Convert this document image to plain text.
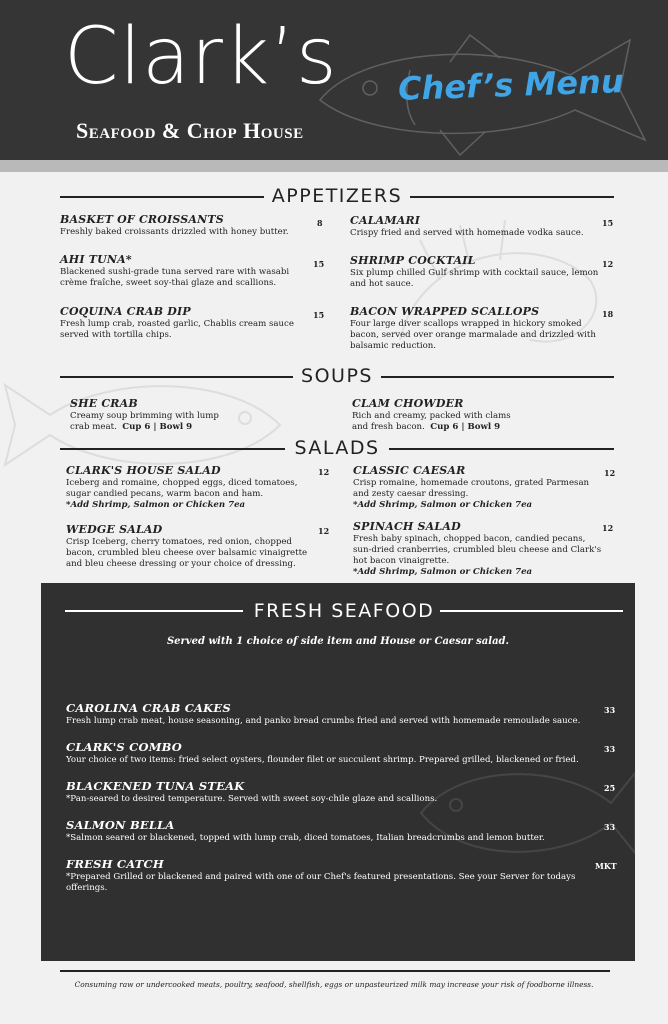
Clark’s
Seafood & Chop House
Chef’s Menu
APPETIZERS
BASKET OF CROISSANTS
Freshly baked croissants drizzled with honey butter.
8
AHI TUNA*
Blackened sushi-grade tuna served rare with wasabi crème fraîche, sweet soy-thai glaze and scallions.
15
COQUINA CRAB DIP
Fresh lump crab, roasted garlic, Chablis cream sauce served with tortilla chips.
15
CALAMARI
Crispy fried and served with homemade vodka sauce.
15
SHRIMP COCKTAIL
Six plump chilled Gulf shrimp with cocktail sauce, lemon and hot sauce.
12
BACON WRAPPED SCALLOPS
Four large diver scallops wrapped in hickory smoked bacon, served over orange marmalade and drizzled with balsamic reduction.
18
SOUPS
SHE CRAB
Creamy soup brimming with lump
crab meat. Cup 6 | Bowl 9
CLAM CHOWDER
Rich and creamy, packed with clams
and fresh bacon. Cup 6 | Bowl 9
SALADS
CLARK'S HOUSE SALAD
Iceberg and romaine, chopped eggs, diced tomatoes, sugar candied pecans, warm bacon and ham.
*Add Shrimp, Salmon or Chicken 7ea
12
WEDGE SALAD
Crisp Iceberg, cherry tomatoes, red onion, chopped bacon, crumbled bleu cheese over balsamic vinaigrette and bleu cheese dressing or your choice of dressing.
12
CLASSIC CAESAR
Crisp romaine, homemade croutons, grated Parmesan and zesty caesar dressing.
*Add Shrimp, Salmon or Chicken 7ea
12
SPINACH SALAD
Fresh baby spinach, chopped bacon, candied pecans, sun-dried cranberries, crumbled bleu cheese and Clark's hot bacon vinaigrette.
*Add Shrimp, Salmon or Chicken 7ea
12
FRESH SEAFOOD
Served with 1 choice of side item and House or Caesar salad.
CAROLINA CRAB CAKES
Fresh lump crab meat, house seasoning, and panko bread crumbs fried and served with homemade remoulade sauce.
33
CLARK'S COMBO
Your choice of two items: fried select oysters, flounder filet or succulent shrimp. Prepared grilled, blackened or fried.
33
BLACKENED TUNA STEAK
*Pan-seared to desired temperature. Served with sweet soy-chile glaze and scallions.
25
SALMON BELLA
*Salmon seared or blackened, topped with lump crab, diced tomatoes, Italian breadcrumbs and lemon butter.
33
FRESH CATCH
*Prepared Grilled or blackened and paired with one of our Chef's featured presentations. See your Server for todays offerings.
MKT
Consuming raw or undercooked meats, poultry, seafood, shellfish, eggs or unpasteurized milk may increase your risk of foodborne illness.
